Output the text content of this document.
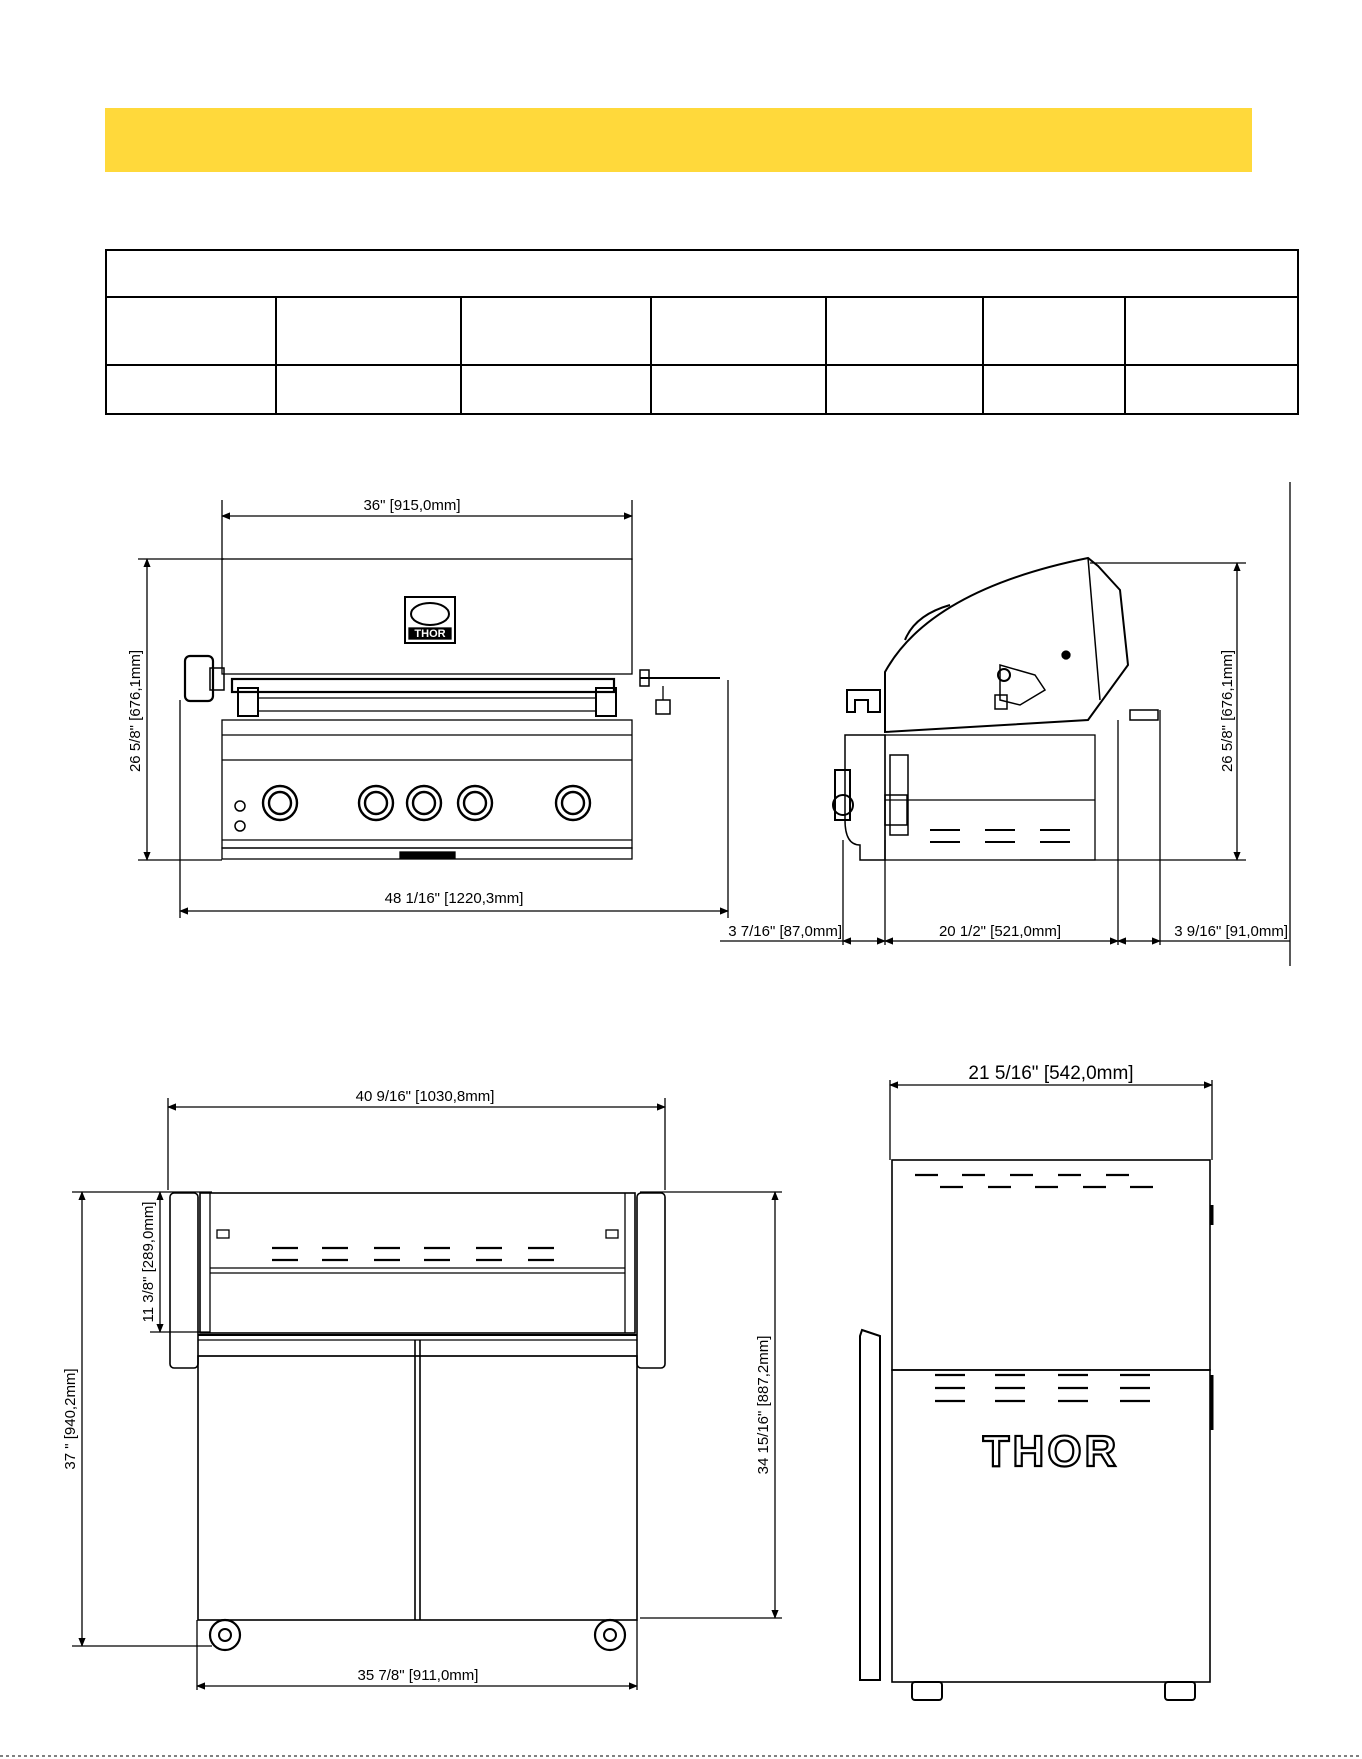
36" [915,0mm]
26 5/8" [676,1mm]
48 1/16" [1220,3mm]
THOR
26 5/8" [676,1mm]
3 7/16" [87,0mm]	20 1/2" [521,0mm]	3 9/16" [91,0mm]
40 9/16" [1030,8mm]
37 " [940,2mm]
11 3/8" [289,0mm]
34 15/16" [887,2mm]
35 7/8" [911,0mm]
21 5/16" [542,0mm]
THOR
